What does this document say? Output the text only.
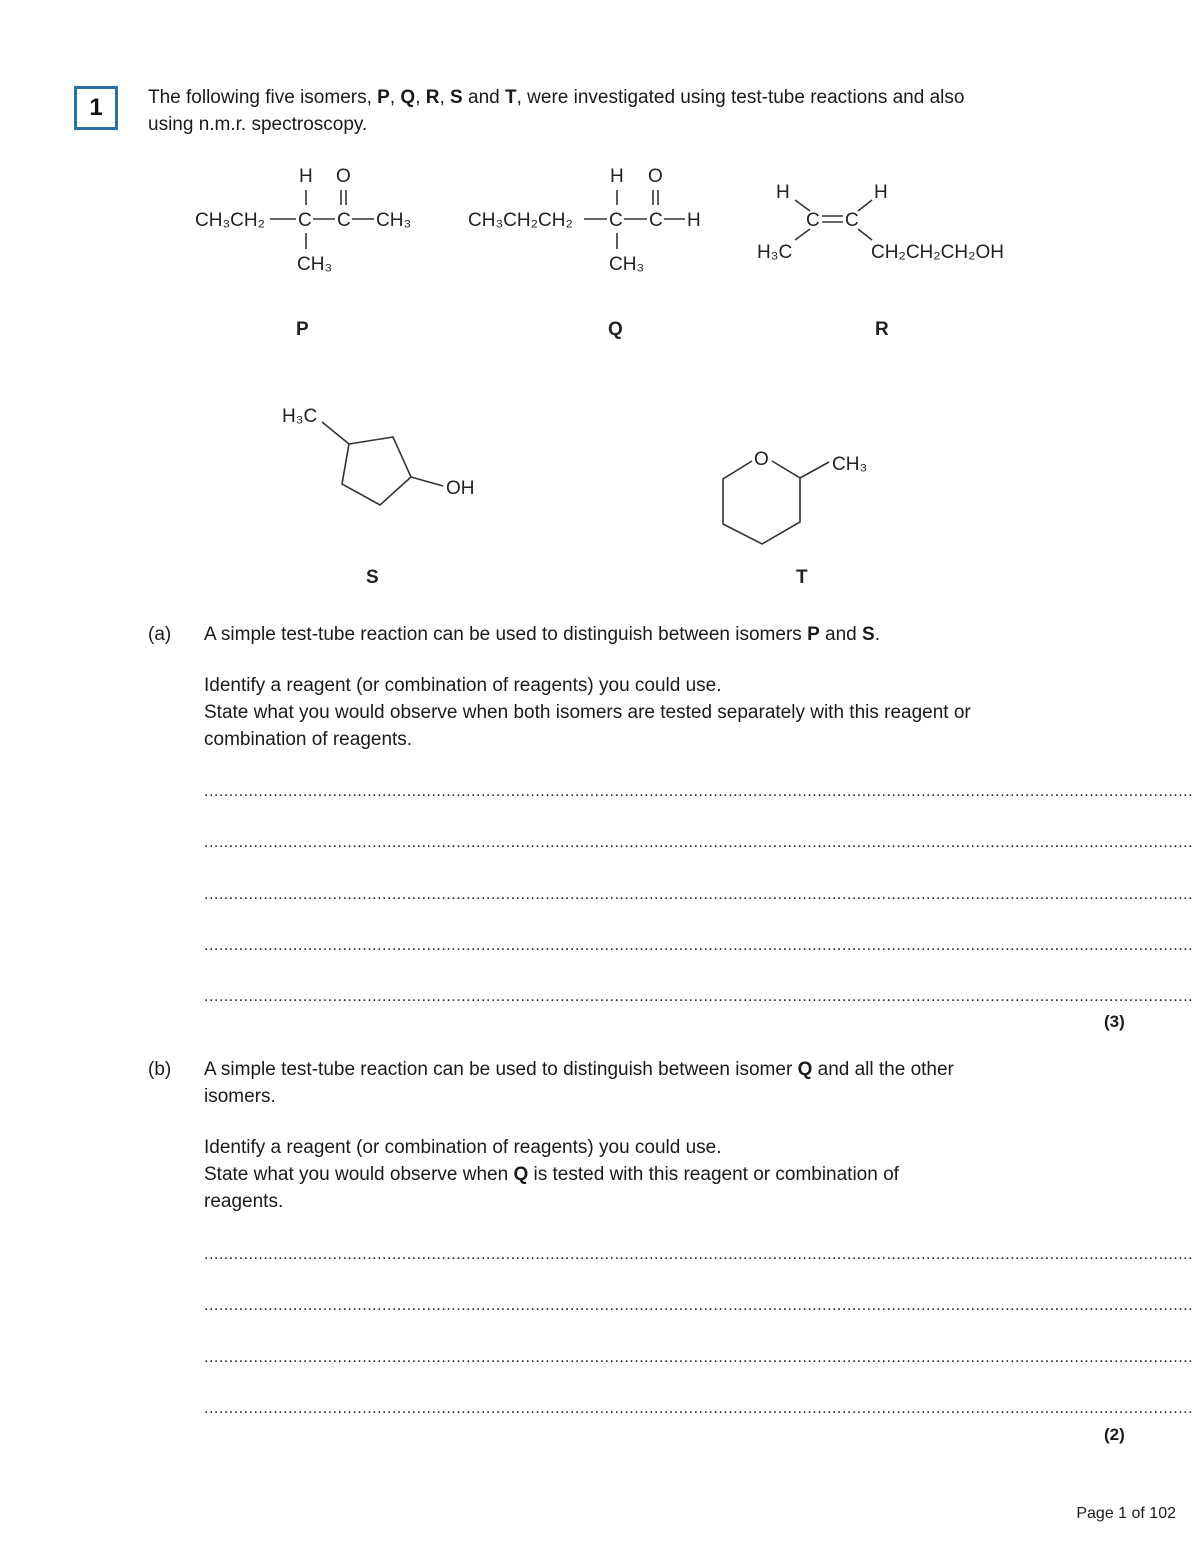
1	The following five isomers, P, Q, R, S and T, were investigated using test-tube reactions and also
using n.m.r. spectroscopy.
H O
CH₃CH₂ C C CH₃
CH₃
P
H O
CH₃CH₂CH₂ C C H
CH₃
Q
H	H
C C
H₃C	CH₂CH₂CH₂OH
R
H₃C
OH
S
O	CH₃
T
(a) A simple test-tube reaction can be used to distinguish between isomers P and S.
Identify a reagent (or combination of reagents) you could use.
State what you would observe when both isomers are tested separately with this reagent or
combination of reagents.
........................................................................................................................................................................................................
........................................................................................................................................................................................................
........................................................................................................................................................................................................
........................................................................................................................................................................................................
........................................................................................................................................................................................................
(3)
(b) A simple test-tube reaction can be used to distinguish between isomer Q and all the other
isomers.
Identify a reagent (or combination of reagents) you could use.
State what you would observe when Q is tested with this reagent or combination of
reagents.
........................................................................................................................................................................................................
........................................................................................................................................................................................................
........................................................................................................................................................................................................
........................................................................................................................................................................................................
(2)
Page 1 of 102
